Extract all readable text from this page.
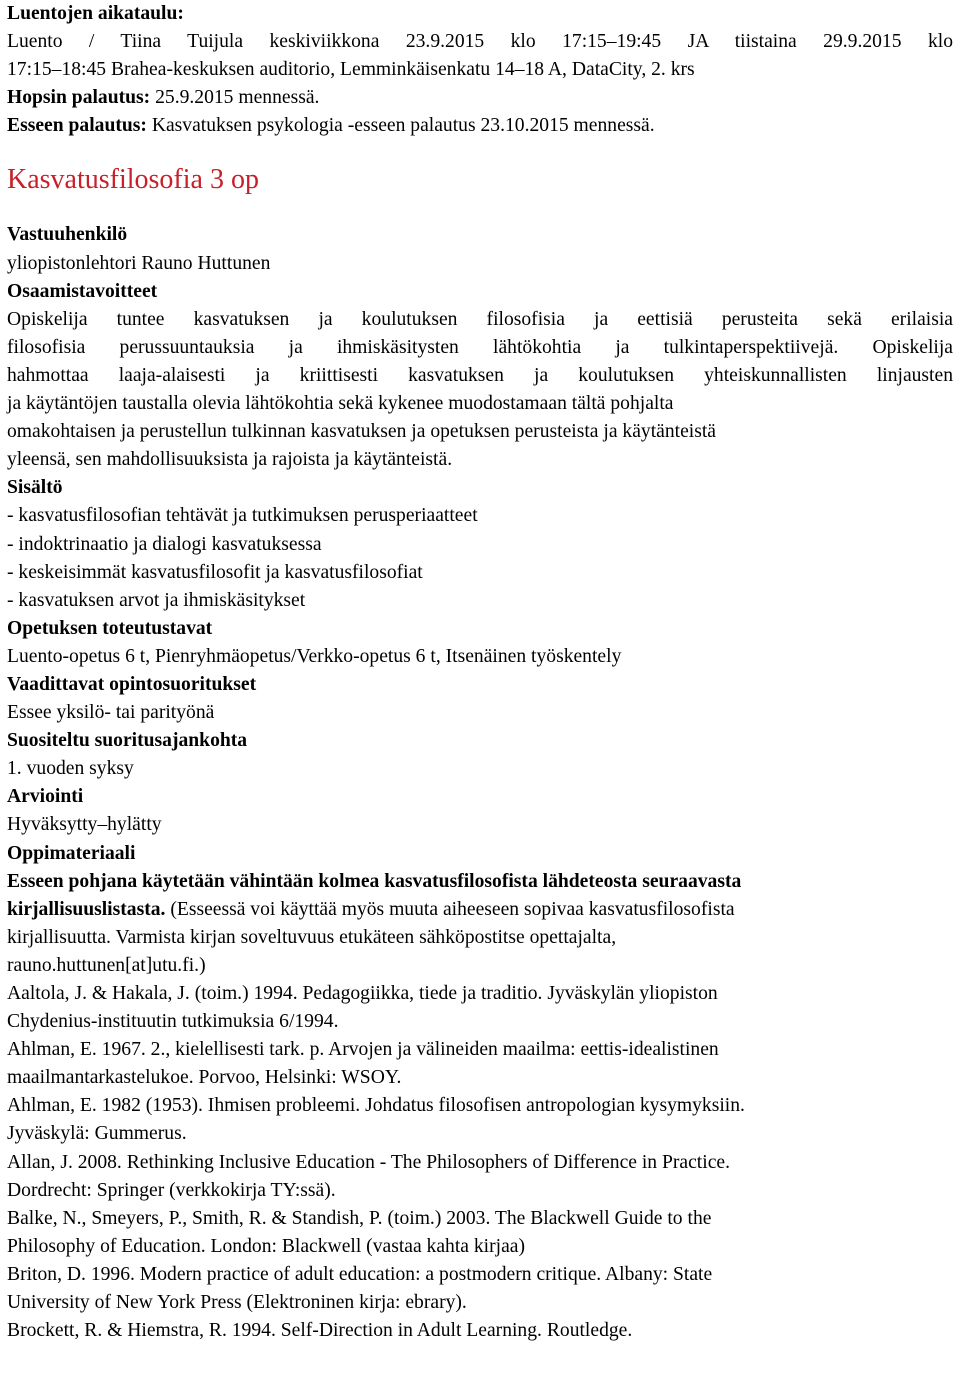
Luentojen aikataulu:
Luento / Tiina Tuijula keskiviikkona 23.9.2015 klo 17:15–19:45 JA tiistaina 29.9.2015 klo
17:15–18:45 Brahea-keskuksen auditorio, Lemminkäisenkatu 14–18 A, DataCity, 2. krs
Hopsin palautus: 25.9.2015 mennessä.
Esseen palautus: Kasvatuksen psykologia -esseen palautus 23.10.2015 mennessä.
Kasvatusfilosofia 3 op
Vastuuhenkilö
yliopistonlehtori Rauno Huttunen
Osaamistavoitteet
Opiskelija tuntee kasvatuksen ja koulutuksen filosofisia ja eettisiä perusteita sekä erilaisia
filosofisia perussuuntauksia ja ihmiskäsitysten lähtökohtia ja tulkintaperspektiivejä. Opiskelija
hahmottaa laaja-alaisesti ja kriittisesti kasvatuksen ja koulutuksen yhteiskunnallisten linjausten
ja käytäntöjen taustalla olevia lähtökohtia sekä kykenee muodostamaan tältä pohjalta
omakohtaisen ja perustellun tulkinnan kasvatuksen ja opetuksen perusteista ja käytänteistä
yleensä, sen mahdollisuuksista ja rajoista ja käytänteistä.
Sisältö
- kasvatusfilosofian tehtävät ja tutkimuksen perusperiaatteet
- indoktrinaatio ja dialogi kasvatuksessa
- keskeisimmät kasvatusfilosofit ja kasvatusfilosofiat
- kasvatuksen arvot ja ihmiskäsitykset
Opetuksen toteutustavat
Luento-opetus 6 t, Pienryhmäopetus/Verkko-opetus 6 t, Itsenäinen työskentely
Vaadittavat opintosuoritukset
Essee yksilö- tai parityönä
Suositeltu suoritusajankohta
1. vuoden syksy
Arviointi
Hyväksytty–hylätty
Oppimateriaali
Esseen pohjana käytetään vähintään kolmea kasvatusfilosofista lähdeteosta seuraavasta
kirjallisuuslistasta. (Esseessä voi käyttää myös muuta aiheeseen sopivaa kasvatusfilosofista
kirjallisuutta. Varmista kirjan soveltuvuus etukäteen sähköpostitse opettajalta,
rauno.huttunen[at]utu.fi.)
Aaltola, J. & Hakala, J. (toim.) 1994. Pedagogiikka, tiede ja traditio. Jyväskylän yliopiston
Chydenius-instituutin tutkimuksia 6/1994.
Ahlman, E. 1967. 2., kielellisesti tark. p. Arvojen ja välineiden maailma: eettis-idealistinen
maailmantarkastelukoe. Porvoo, Helsinki: WSOY.
Ahlman, E. 1982 (1953). Ihmisen probleemi. Johdatus filosofisen antropologian kysymyksiin.
Jyväskylä: Gummerus.
Allan, J. 2008. Rethinking Inclusive Education - The Philosophers of Difference in Practice.
Dordrecht: Springer (verkkokirja TY:ssä).
Balke, N., Smeyers, P., Smith, R. & Standish, P. (toim.) 2003. The Blackwell Guide to the
Philosophy of Education. London: Blackwell (vastaa kahta kirjaa)
Briton, D. 1996. Modern practice of adult education: a postmodern critique. Albany: State
University of New York Press (Elektroninen kirja: ebrary).
Brockett, R. & Hiemstra, R. 1994. Self-Direction in Adult Learning. Routledge.
